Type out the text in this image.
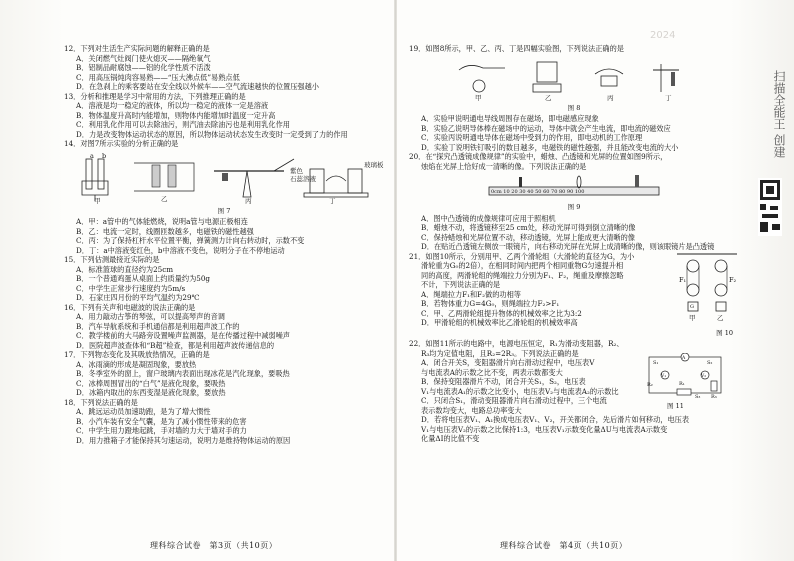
2024

12．下列对生活生产实际问题的解释正确的是

A．关闭燃气灶阀门使火熄灭——隔绝氧气

B．铝制品耐腐蚀——铝的化学性质不活泼

C．用高压锅炖肉容易熟——“压大沸点低”易熟点低

D．在急刹上的乘客要站在安全线以外候车——空气流速越快的位置压强越小

13．分析和推理是学习中常用的方法，下列推理正确的是

A．溶液是均一稳定的液体，所以均一稳定的液体一定是溶液

B．物体温度升高时内能增加，则物体内能增加时温度一定升高

C．利用乳化作用可以去除油污，则汽油去除油污也是利用乳化作用

D．力是改变物体运动状态的原因，所以物体运动状态发生改变时一定受到了力的作用

14．对图7所示实验的分析正确的是

a b
甲	乙	丙	丁
紫色
石蕊溶液
玻璃板

图 7

A．甲：a管中的气体能燃烧，说明a管与电源正极相连

B．乙：电流一定时，线圈匝数越多，电磁铁的磁性越强

C．丙：为了保持杠杆水平位置平衡，弹簧测力计向右转动时，示数不变

D．丁：a中溶液变红色，b中溶液不变色，说明分子在不停地运动

15．下列估测最接近实际的是

A．标准篮球的直径约为25cm

B．一个普通鸡蛋从桌面上约质量约为50g

C．中学生正常步行速度约为5m/s

D．石家庄四月份的平均气温约为29℃

16．下列有关声和电磁波的说法正确的是

A．用力敲动古筝的琴弦，可以提高琴声的音调

B．汽车导航系统和手机通信都是利用超声波工作的

C．教学楼前的大马路旁设置噪声监测器，是在传播过程中减弱噪声

D．医院超声波查体和“B超”检查，都是利用超声波传递信息的

17．下列物态变化及其吸放热情况，正确的是

A．冰雨滴的形成是凝固现象，要放热

B．冬季室外的窗上，窗户玻璃内表面出现冰花是汽化现象，要吸热

C．冰棒周围冒出的“白气”是液化现象，要吸热

D．冰箱内取出的东西变湿是液化现象，要放热

18．下列说法正确的是

A．跳远运动员加速助跑，是为了增大惯性

B．小汽车装有安全气囊，是为了减小惯性带来的危害

C．中学生用力蹬地起跳，手对墙的力大于墙对手的力

D．用力推箱子才能保持其匀速运动，说明力是维持物体运动的原因

理科综合试卷　第3页（共10页）

19．如图8所示，甲、乙、丙、丁是四幅实验图，下列说法正确的是

甲	乙	丙	丁

图 8

A．实验甲说明通电导线周围存在磁场，即电磁感应现象

B．实验乙说明导体棒在磁场中的运动，导体中就会产生电流，即电流的磁效应

C．实验丙说明通电导体在磁场中受到力的作用，即电动机的工作原理

D．实验丁说明铁钉吸引的数目越多，电磁铁的磁性越强，并且能改变电流的大小

20．在“探究凸透镜成像规律”的实验中，蜡烛、凸透镜和光屏的位置如图9所示，

烛焰在光屏上恰好成一清晰的像。下列说法正确的是

0cm 10 20 30 40 50 60 70 80 90 100

图 9

A．图中凸透镜的成像规律可应用于照相机

B．蜡烛不动，将透镜移至25 cm处，移动光屏可得到倒立清晰的像

C．保持蜡烛和光屏位置不动，移动透镜，光屏上能成更大清晰的像

D．在贴近凸透镜左侧放一眼镜片，向右移动光屏在光屏上成清晰的像，则该眼镜片是凸透镜

21．如图10所示，分别用甲、乙两个滑轮组（大滑轮的直径为G，为小

滑轮重为G₀的2倍），在相同时间内把两个相同重物G匀速提升相

同的高度，两滑轮组的绳端拉力分别为F₁、F₂，绳重及摩擦忽略

不计，下列说法正确的是

A．绳端拉力F₁和F₂做的功相等

B．若物体重力G=4G₀，则绳端拉力F₂>F₁

C．甲、乙两滑轮组提升物体的机械效率之比为3:2

D．甲滑轮组的机械效率比乙滑轮组的机械效率高

F₁	F₂
G
甲	乙

图 10

22．如图11所示的电路中，电源电压恒定，R₁为滑动变阻器，R₂、

R₃均为定值电阻，且R₂=2R₃。下列说法正确的是

A．闭合开关S，变阻器滑片向右滑动过程中，电压表V

与电流表A的示数之比不变，两表示数都变大

B．保持变阻器滑片不动，闭合开关S₁，S₂，电压表

V₁与电流表A₁的示数之比变小，电压表V₂与电流表A₂的示数比

C．只闭合S₁，滑动变阻器滑片向右滑动过程中，三个电流

表示数均变大，电路总功率变大

D．若将电压表V₁、A₁换成电压表V₁、V₂，开关都闭合，先后滑片如何移动，电压表

V₁与电压表V₂的示数之比保持1:3，电压表V₁示数变化量ΔU与电流表A示数变

化量ΔI的比值不变

A
V₁	V₂
R₁
R₂
R₃
S₁	S₂
S₃

图 11

理科综合试卷　第4页（共10页）
扫描全能王 创建
